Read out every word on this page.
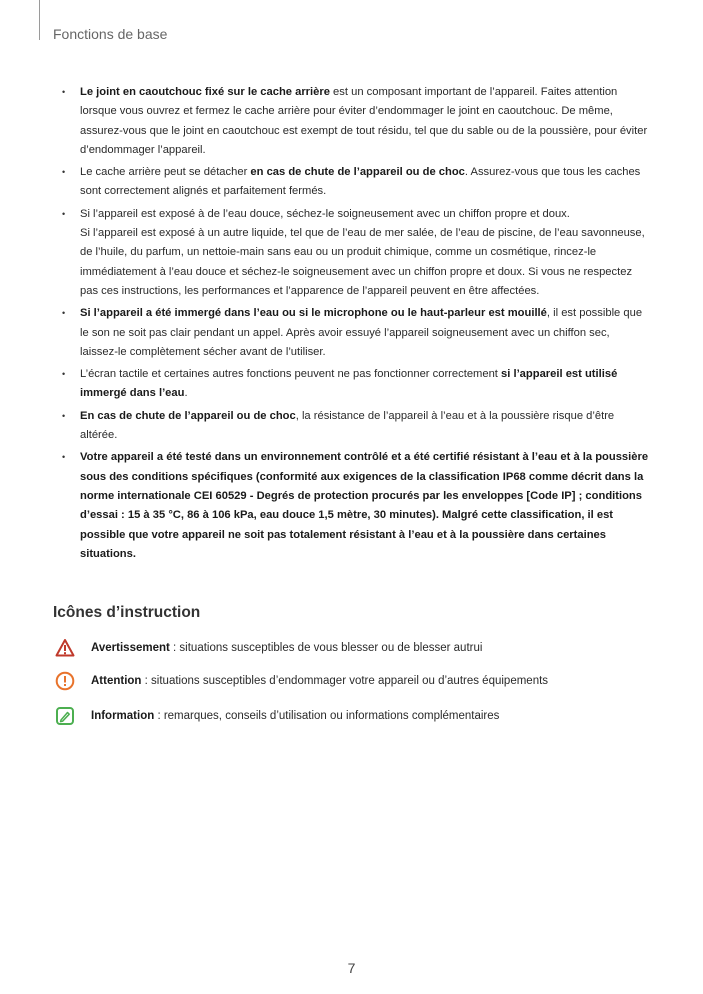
Fonctions de base
• Le joint en caoutchouc fixé sur le cache arrière est un composant important de l’appareil. Faites attention lorsque vous ouvrez et fermez le cache arrière pour éviter d’endommager le joint en caoutchouc. De même, assurez-vous que le joint en caoutchouc est exempt de tout résidu, tel que du sable ou de la poussière, pour éviter d’endommager l’appareil.
• Le cache arrière peut se détacher en cas de chute de l’appareil ou de choc. Assurez-vous que tous les caches sont correctement alignés et parfaitement fermés.

• Si l’appareil est exposé à de l’eau douce, séchez-le soigneusement avec un chiffon propre et doux.

Si l’appareil est exposé à un autre liquide, tel que de l’eau de mer salée, de l’eau de piscine, de l’eau savonneuse, de l’huile, du parfum, un nettoie-main sans eau ou un produit chimique, comme un cosmétique, rincez-le immédiatement à l’eau douce et séchez-le soigneusement avec un chiffon propre et doux. Si vous ne respectez pas ces instructions, les performances et l’apparence de l’appareil peuvent en être affectées.

• Si l’appareil a été immergé dans l’eau ou si le microphone ou le haut-parleur est mouillé, il est possible que le son ne soit pas clair pendant un appel. Après avoir essuyé l’appareil soigneusement avec un chiffon sec, laissez-le complètement sécher avant de l’utiliser.
• L’écran tactile et certaines autres fonctions peuvent ne pas fonctionner correctement si l’appareil est utilisé immergé dans l’eau.
• En cas de chute de l’appareil ou de choc, la résistance de l’appareil à l’eau et à la poussière risque d’être altérée.
• Votre appareil a été testé dans un environnement contrôlé et a été certifié résistant à l’eau et à la poussière sous des conditions spécifiques (conformité aux exigences de la classification IP68 comme décrit dans la norme internationale CEI 60529 - Degrés de protection procurés par les enveloppes [Code IP] ; conditions d’essai : 15 à 35 °C, 86 à 106 kPa, eau douce 1,5 mètre, 30 minutes). Malgré cette classification, il est possible que votre appareil ne soit pas totalement résistant à l’eau et à la poussière dans certaines situations.
Icônes d’instruction
Avertissement : situations susceptibles de vous blesser ou de blesser autrui
Attention : situations susceptibles d’endommager votre appareil ou d’autres équipements
Information : remarques, conseils d’utilisation ou informations complémentaires
7
